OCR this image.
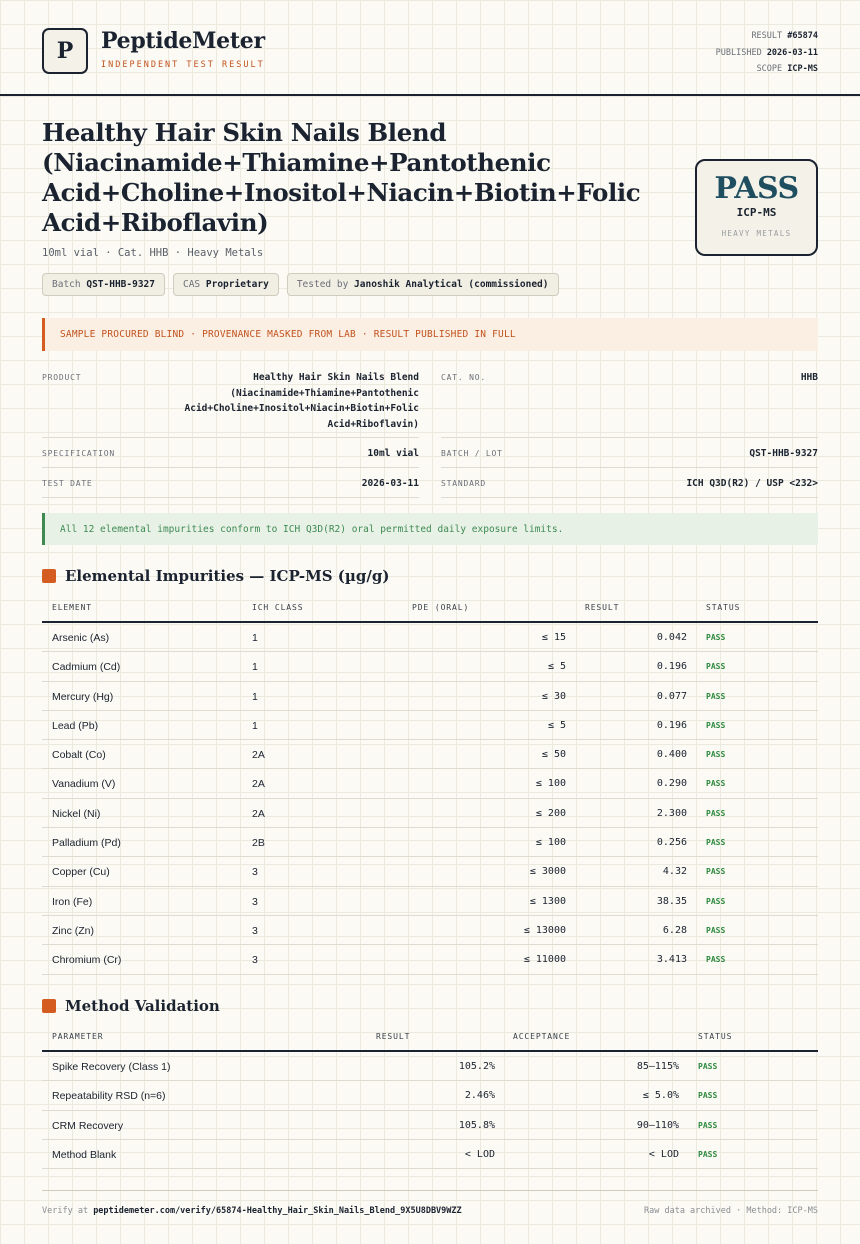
P	PeptideMeter
INDEPENDENT TEST RESULT
RESULT #65874
PUBLISHED 2026-03-11
SCOPE ICP-MS
Healthy Hair Skin Nails Blend (Niacinamide+Thiamine+Pantothenic Acid+Choline+Inositol+Niacin+Biotin+Folic Acid+Riboflavin)
10ml vial · Cat. HHB · Heavy Metals
Batch QST-HHB-9327	CAS Proprietary	Tested by Janoshik Analytical (commissioned)
PASS
ICP-MS
HEAVY METALS
SAMPLE PROCURED BLIND · PROVENANCE MASKED FROM LAB · RESULT PUBLISHED IN FULL
PRODUCT	Healthy Hair Skin Nails Blend (Niacinamide+Thiamine+Pantothenic Acid+Choline+Inositol+Niacin+Biotin+Folic Acid+Riboflavin)
CAT. NO.	HHB
SPECIFICATION	10ml vial	BATCH / LOT	QST-HHB-9327
TEST DATE	2026-03-11	STANDARD	ICH Q3D(R2) / USP <232>
All 12 elemental impurities conform to ICH Q3D(R2) oral permitted daily exposure limits.
Elemental Impurities — ICP-MS (µg/g)
ELEMENT	ICH CLASS	PDE (ORAL)	RESULT	STATUS
Arsenic (As)	1	≤ 15	0.042 PASS
Cadmium (Cd)	1	≤ 5	0.196 PASS
Mercury (Hg)	1	≤ 30	0.077 PASS
Lead (Pb)	1	≤ 5	0.196 PASS
Cobalt (Co)	2A	≤ 50	0.400 PASS
Vanadium (V)	2A	≤ 100	0.290 PASS
Nickel (Ni)	2A	≤ 200	2.300 PASS
Palladium (Pd)	2B	≤ 100	0.256 PASS
Copper (Cu)	3	≤ 3000	4.32 PASS
Iron (Fe)	3	≤ 1300	38.35 PASS
Zinc (Zn)	3	≤ 13000	6.28 PASS
Chromium (Cr)	3	≤ 11000	3.413 PASS
Method Validation
PARAMETER	RESULT	ACCEPTANCE	STATUS
Spike Recovery (Class 1)	105.2%	85–115% PASS
Repeatability RSD (n=6)	2.46%	≤ 5.0% PASS
CRM Recovery	105.8%	90–110% PASS
Method Blank	< LOD	< LOD PASS
Verify at peptidemeter.com/verify/65874-Healthy_Hair_Skin_Nails_Blend_9X5U8DBV9WZZ	Raw data archived · Method: ICP-MS
